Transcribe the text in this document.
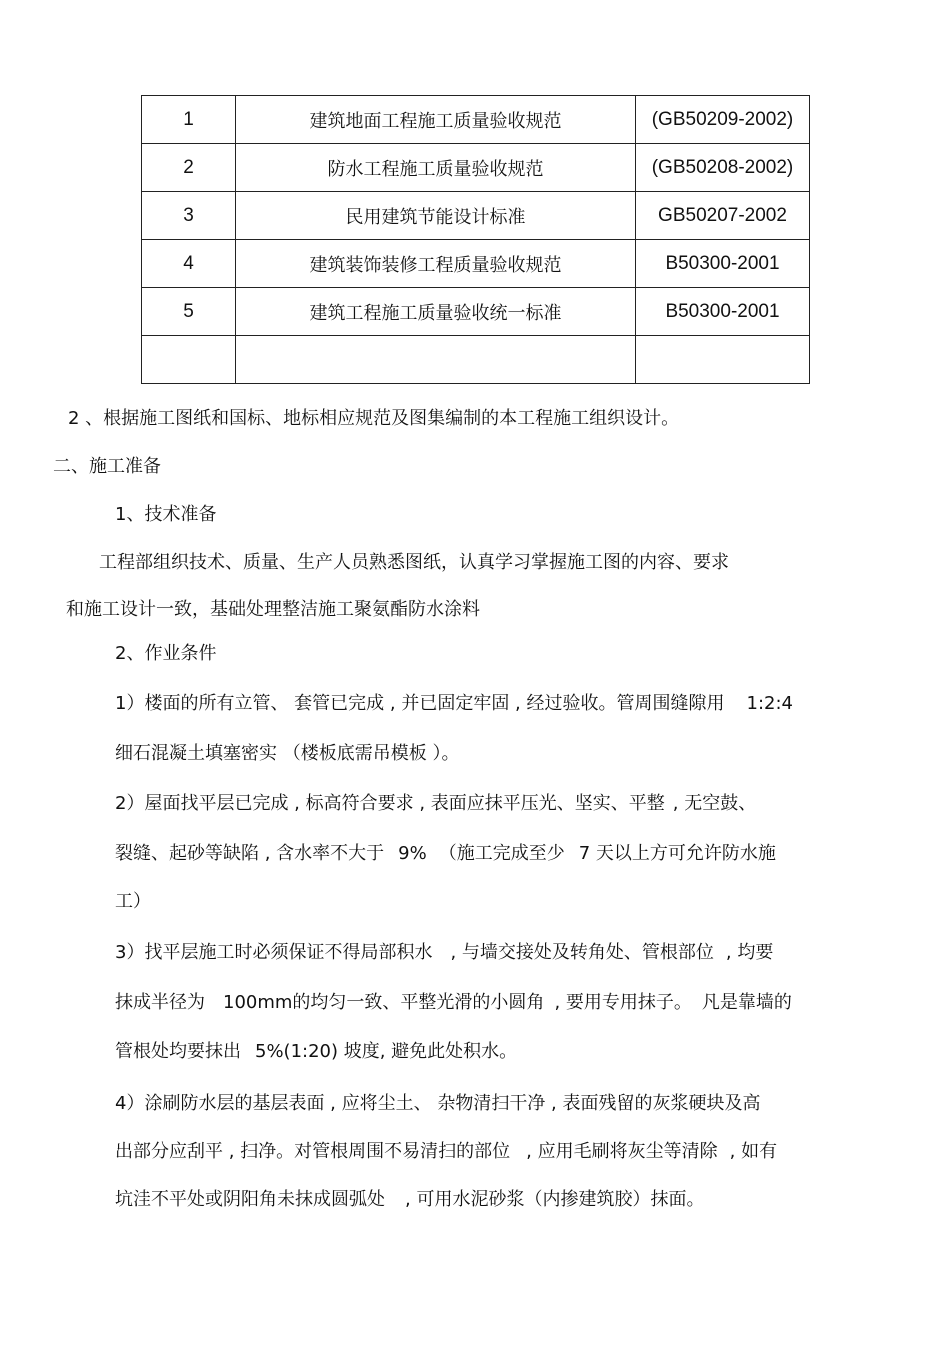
1	建筑地面工程施工质量验收规范	(GB50209-2002)
2	防水工程施工质量验收规范	(GB50208-2002)
3	民用建筑节能设计标准	GB50207-2002
4	建筑装饰装修工程质量验收规范	B50300-2001
5	建筑工程施工质量验收统一标准	B50300-2001

2 、根据施工图纸和国标、地标相应规范及图集编制的本工程施工组织设计。
二、施工准备
1、技术准备
工程部组织技术、质量、生产人员熟悉图纸，认真学习掌握施工图的内容、要求
和施工设计一致，基础处理整洁施工聚氨酯防水涂料
2、作业条件
1）楼面的所有立管、 套管已完成 , 并已固定牢固 , 经过验收。管周围缝隙用 1:2:4
细石混凝土填塞密实 （楼板底需吊模板 ）。
2）屋面找平层已完成 , 标高符合要求 , 表面应抹平压光、坚实、平整 , 无空鼓、
裂缝、起砂等缺陷 , 含水率不大于 9% （施工完成至少 7 天以上方可允许防水施
工）
3）找平层施工时必须保证不得局部积水 , 与墙交接处及转角处、管根部位 , 均要
抹成半径为 100mm的均匀一致、平整光滑的小圆角 , 要用专用抹子。 凡是靠墙的
管根处均要抹出 5%(1:20) 坡度, 避免此处积水。
4）涂刷防水层的基层表面 , 应将尘土、 杂物清扫干净 , 表面残留的灰浆硬块及高
出部分应刮平 , 扫净。对管根周围不易清扫的部位 , 应用毛刷将灰尘等清除 , 如有
坑洼不平处或阴阳角未抹成圆弧处 , 可用水泥砂浆（内掺建筑胶）抹面。
